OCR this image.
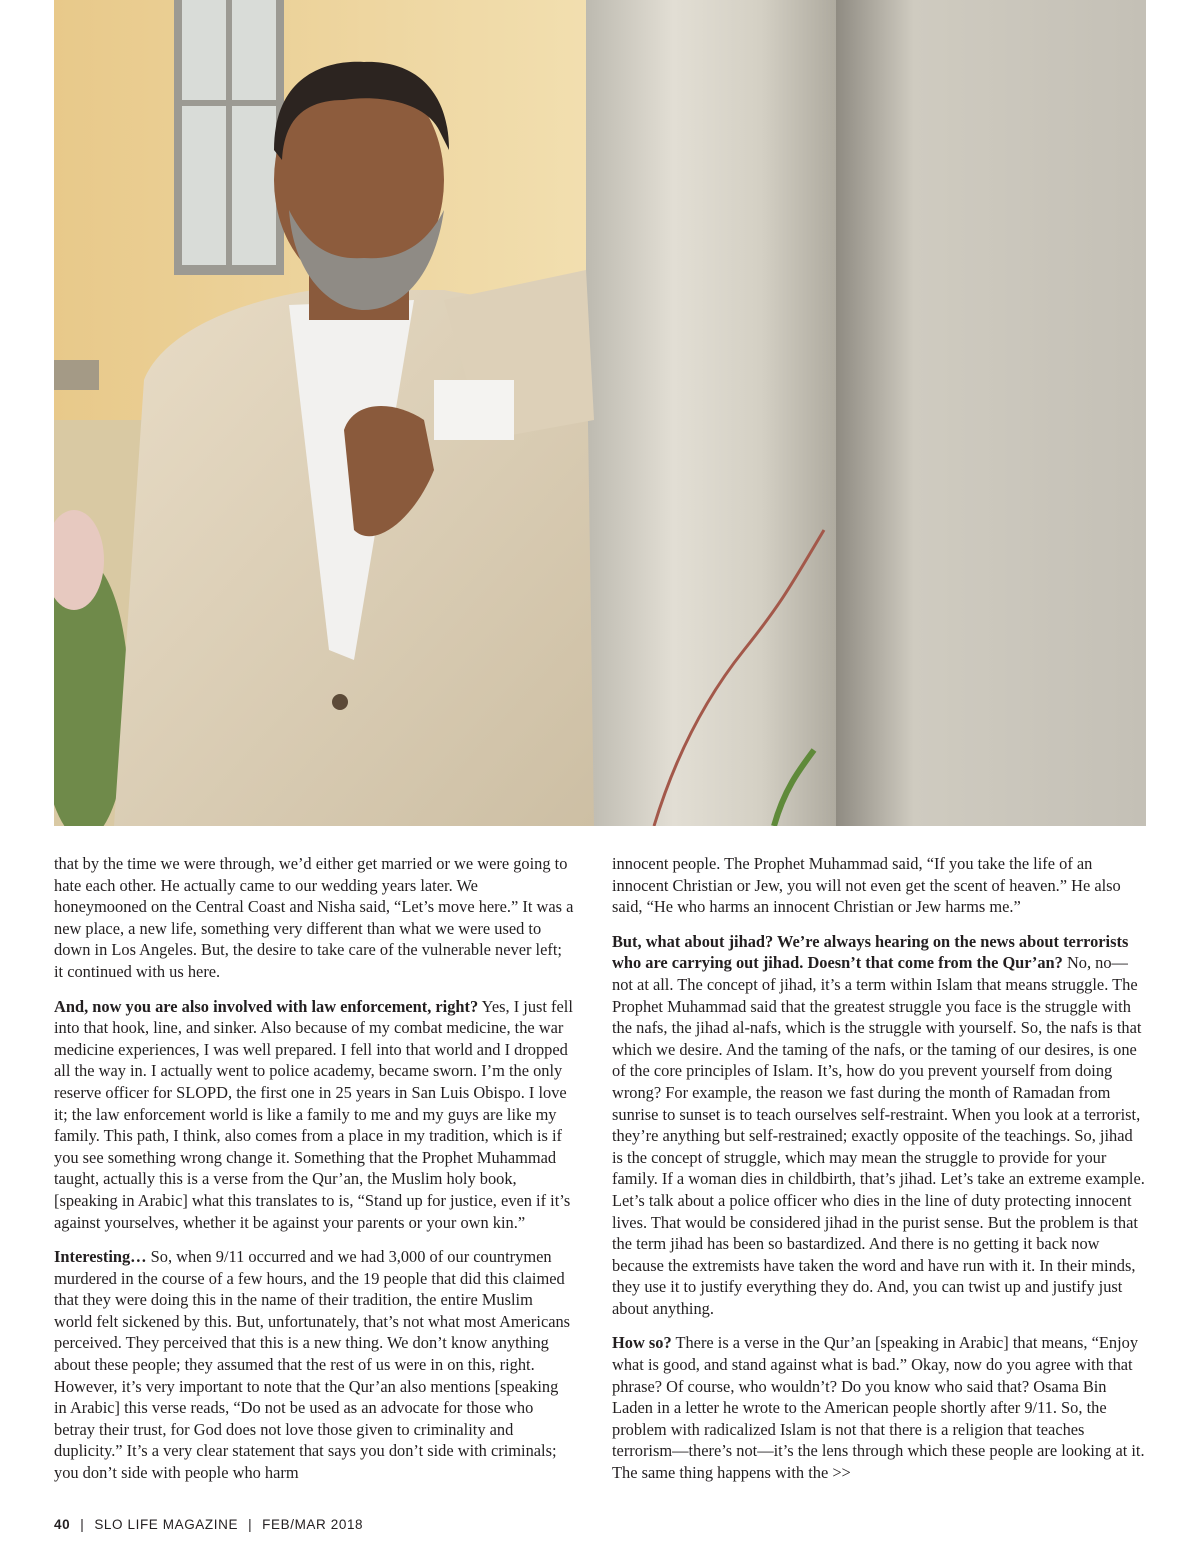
that by the time we were through, we’d either get married or we were going to hate each other. He actually came to our wedding years later. We honeymooned on the Central Coast and Nisha said, “Let’s move here.” It was a new place, a new life, something very different than what we were used to down in Los Angeles. But, the desire to take care of the vulnerable never left; it continued with us here.

And, now you are also involved with law enforcement, right? Yes, I just fell into that hook, line, and sinker. Also because of my combat medicine, the war medicine experiences, I was well prepared. I fell into that world and I dropped all the way in. I actually went to police academy, became sworn. I’m the only reserve officer for SLOPD, the first one in 25 years in San Luis Obispo. I love it; the law enforcement world is like a family to me and my guys are like my family. This path, I think, also comes from a place in my tradition, which is if you see something wrong change it. Something that the Prophet Muhammad taught, actually this is a verse from the Qur’an, the Muslim holy book, [speaking in Arabic] what this translates to is, “Stand up for justice, even if it’s against yourselves, whether it be against your parents or your own kin.”

Interesting… So, when 9/11 occurred and we had 3,000 of our countrymen murdered in the course of a few hours, and the 19 people that did this claimed that they were doing this in the name of their tradition, the entire Muslim world felt sickened by this. But, unfortunately, that’s not what most Americans perceived. They perceived that this is a new thing. We don’t know anything about these people; they assumed that the rest of us were in on this, right. However, it’s very important to note that the Qur’an also mentions [speaking in Arabic] this verse reads, “Do not be used as an advocate for those who betray their trust, for God does not love those given to criminality and duplicity.” It’s a very clear statement that says you don’t side with criminals; you don’t side with people who harm

innocent people. The Prophet Muhammad said, “If you take the life of an innocent Christian or Jew, you will not even get the scent of heaven.” He also said, “He who harms an innocent Christian or Jew harms me.”

But, what about jihad? We’re always hearing on the news about terrorists who are carrying out jihad. Doesn’t that come from the Qur’an? No, no—not at all. The concept of jihad, it’s a term within Islam that means struggle. The Prophet Muhammad said that the greatest struggle you face is the struggle with the nafs, the jihad al-nafs, which is the struggle with yourself. So, the nafs is that which we desire. And the taming of the nafs, or the taming of our desires, is one of the core principles of Islam. It’s, how do you prevent yourself from doing wrong? For example, the reason we fast during the month of Ramadan from sunrise to sunset is to teach ourselves self-restraint. When you look at a terrorist, they’re anything but self-restrained; exactly opposite of the teachings. So, jihad is the concept of struggle, which may mean the struggle to provide for your family. If a woman dies in childbirth, that’s jihad. Let’s take an extreme example. Let’s talk about a police officer who dies in the line of duty protecting innocent lives. That would be considered jihad in the purist sense. But the problem is that the term jihad has been so bastardized. And there is no getting it back now because the extremists have taken the word and have run with it. In their minds, they use it to justify everything they do. And, you can twist up and justify just about anything.

How so? There is a verse in the Qur’an [speaking in Arabic] that means, “Enjoy what is good, and stand against what is bad.” Okay, now do you agree with that phrase? Of course, who wouldn’t? Do you know who said that? Osama Bin Laden in a letter he wrote to the American people shortly after 9/11. So, the problem with radicalized Islam is not that there is a religion that teaches terrorism—there’s not—it’s the lens through which these people are looking at it. The same thing happens with the >>

40 | SLO LIFE MAGAZINE | FEB/MAR 2018
